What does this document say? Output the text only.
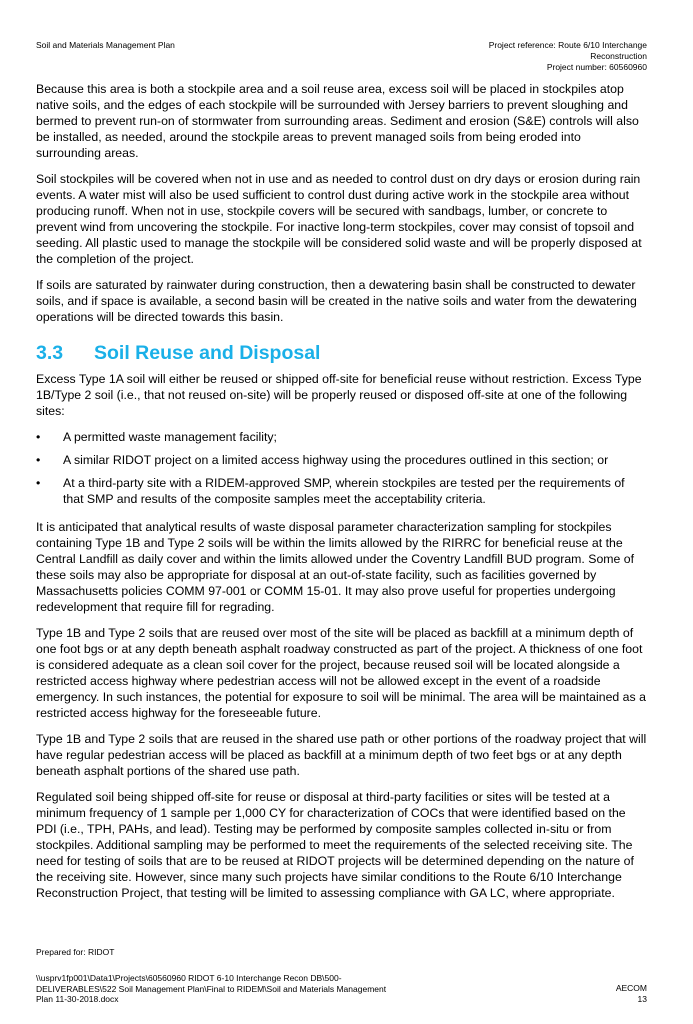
Soil and Materials Management Plan	Project reference: Route 6/10 Interchange
Reconstruction
Project number: 60560960

Because this area is both a stockpile area and a soil reuse area, excess soil will be placed in stockpiles atop native soils, and the edges of each stockpile will be surrounded with Jersey barriers to prevent sloughing and bermed to prevent run-on of stormwater from surrounding areas. Sediment and erosion (S&E) controls will also be installed, as needed, around the stockpile areas to prevent managed soils from being eroded into surrounding areas.

Soil stockpiles will be covered when not in use and as needed to control dust on dry days or erosion during rain events. A water mist will also be used sufficient to control dust during active work in the stockpile area without producing runoff. When not in use, stockpile covers will be secured with sandbags, lumber, or concrete to prevent wind from uncovering the stockpile. For inactive long-term stockpiles, cover may consist of topsoil and seeding. All plastic used to manage the stockpile will be considered solid waste and will be properly disposed at the completion of the project.

If soils are saturated by rainwater during construction, then a dewatering basin shall be constructed to dewater soils, and if space is available, a second basin will be created in the native soils and water from the dewatering operations will be directed towards this basin.

3.3 Soil Reuse and Disposal

Excess Type 1A soil will either be reused or shipped off-site for beneficial reuse without restriction. Excess Type 1B/Type 2 soil (i.e., that not reused on-site) will be properly reused or disposed off-site at one of the following sites:

• A permitted waste management facility;
• A similar RIDOT project on a limited access highway using the procedures outlined in this section; or
• At a third-party site with a RIDEM-approved SMP, wherein stockpiles are tested per the requirements of that SMP and results of the composite samples meet the acceptability criteria.

It is anticipated that analytical results of waste disposal parameter characterization sampling for stockpiles containing Type 1B and Type 2 soils will be within the limits allowed by the RIRRC for beneficial reuse at the Central Landfill as daily cover and within the limits allowed under the Coventry Landfill BUD program. Some of these soils may also be appropriate for disposal at an out-of-state facility, such as facilities governed by Massachusetts policies COMM 97-001 or COMM 15-01. It may also prove useful for properties undergoing redevelopment that require fill for regrading.

Type 1B and Type 2 soils that are reused over most of the site will be placed as backfill at a minimum depth of one foot bgs or at any depth beneath asphalt roadway constructed as part of the project. A thickness of one foot is considered adequate as a clean soil cover for the project, because reused soil will be located alongside a restricted access highway where pedestrian access will not be allowed except in the event of a roadside emergency. In such instances, the potential for exposure to soil will be minimal. The area will be maintained as a restricted access highway for the foreseeable future.

Type 1B and Type 2 soils that are reused in the shared use path or other portions of the roadway project that will have regular pedestrian access will be placed as backfill at a minimum depth of two feet bgs or at any depth beneath asphalt portions of the shared use path.

Regulated soil being shipped off-site for reuse or disposal at third-party facilities or sites will be tested at a minimum frequency of 1 sample per 1,000 CY for characterization of COCs that were identified based on the PDI (i.e., TPH, PAHs, and lead). Testing may be performed by composite samples collected in-situ or from stockpiles. Additional sampling may be performed to meet the requirements of the selected receiving site. The need for testing of soils that are to be reused at RIDOT projects will be determined depending on the nature of the receiving site. However, since many such projects have similar conditions to the Route 6/10 Interchange Reconstruction Project, that testing will be limited to assessing compliance with GA LC, where appropriate.

Prepared for: RIDOT
\\usprv1fp001\Data1\Projects\60560960 RIDOT 6-10 Interchange Recon DB\500-
DELIVERABLES\522 Soil Management Plan\Final to RIDEM\Soil and Materials Management
Plan 11-30-2018.docx
AECOM
13
